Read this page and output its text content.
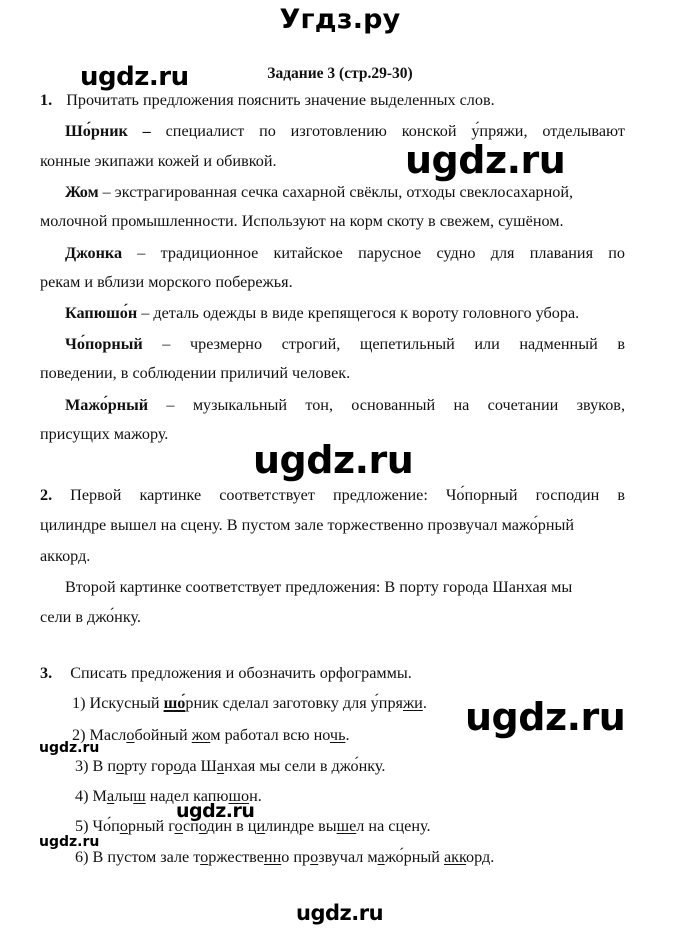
Угдз.ру
Задание 3 (стр.29-30)
1. Прочитать предложения пояснить значение выделенных слов.
Шо́рник – специалист по изготовлению конской у́пряжи, отделывают
конные экипажи кожей и обивкой.
Жом – экстрагированная сечка сахарной свёклы, отходы свеклосахарной,
молочной промышленности. Используют на корм скоту в свежем, сушёном.
Джонка – традиционное китайское парусное судно для плавания по
рекам и вблизи морского побережья.
Капюшо́н – деталь одежды в виде крепящегося к вороту головного убора.
Чо́порный – чрезмерно строгий, щепетильный или надменный в
поведении, в соблюдении приличий человек.
Мажо́рный – музыкальный тон, основанный на сочетании звуков,
присущих мажору.
2. Первой картинке соответствует предложение: Чо́порный господин в
цилиндре вышел на сцену. В пустом зале торжественно прозвучал мажо́рный
аккорд.
Второй картинке соответствует предложения: В порту города Шанхая мы
сели в джо́нку.
3. Списать предложения и обозначить орфограммы.
1) Искусный шо́рник сделал заготовку для у́пряжи.
2) Маслобойный жом работал всю ночь.
3) В порту города Шанхая мы сели в джо́нку.
4) Малыш надел капюшон.
5) Чо́порный господин в цилиндре вышел на сцену.
6) В пустом зале торжественно прозвучал мажо́рный аккорд.
ugdz.ru
ugdz.ru
ugdz.ru
ugdz.ru
ugdz.ru
ugdz.ru
ugdz.ru
ugdz.ru
